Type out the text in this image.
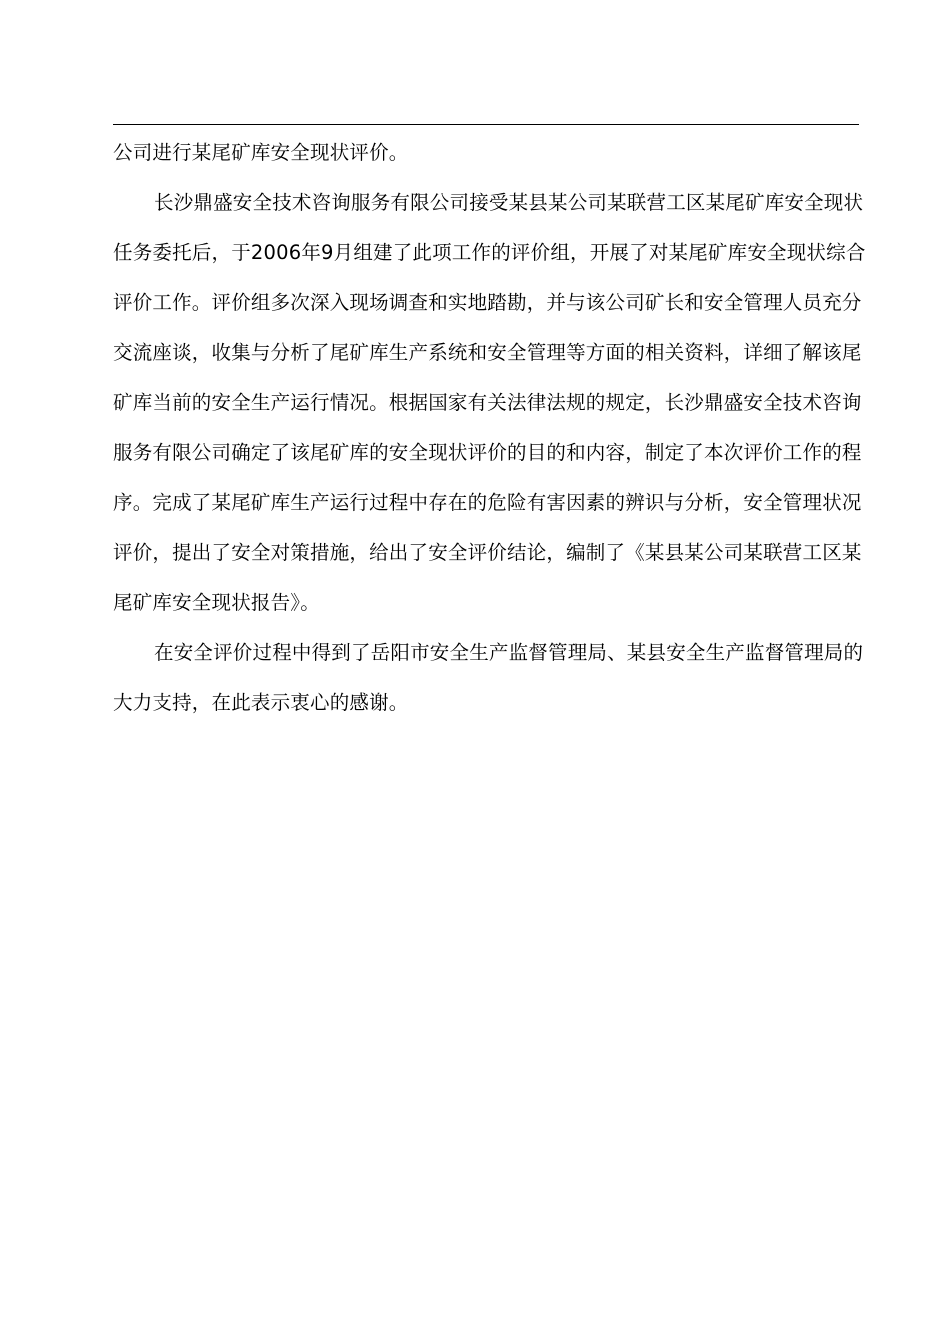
公司进行某尾矿库安全现状评价。

长沙鼎盛安全技术咨询服务有限公司接受某县某公司某联营工区某尾矿库安全现状任务委托后，于2006年9月组建了此项工作的评价组，开展了对某尾矿库安全现状综合评价工作。评价组多次深入现场调查和实地踏勘，并与该公司矿长和安全管理人员充分交流座谈，收集与分析了尾矿库生产系统和安全管理等方面的相关资料，详细了解该尾矿库当前的安全生产运行情况。根据国家有关法律法规的规定，长沙鼎盛安全技术咨询服务有限公司确定了该尾矿库的安全现状评价的目的和内容，制定了本次评价工作的程序。完成了某尾矿库生产运行过程中存在的危险有害因素的辨识与分析，安全管理状况评价，提出了安全对策措施，给出了安全评价结论，编制了《某县某公司某联营工区某尾矿库安全现状报告》。

在安全评价过程中得到了岳阳市安全生产监督管理局、某县安全生产监督管理局的大力支持，在此表示衷心的感谢。
